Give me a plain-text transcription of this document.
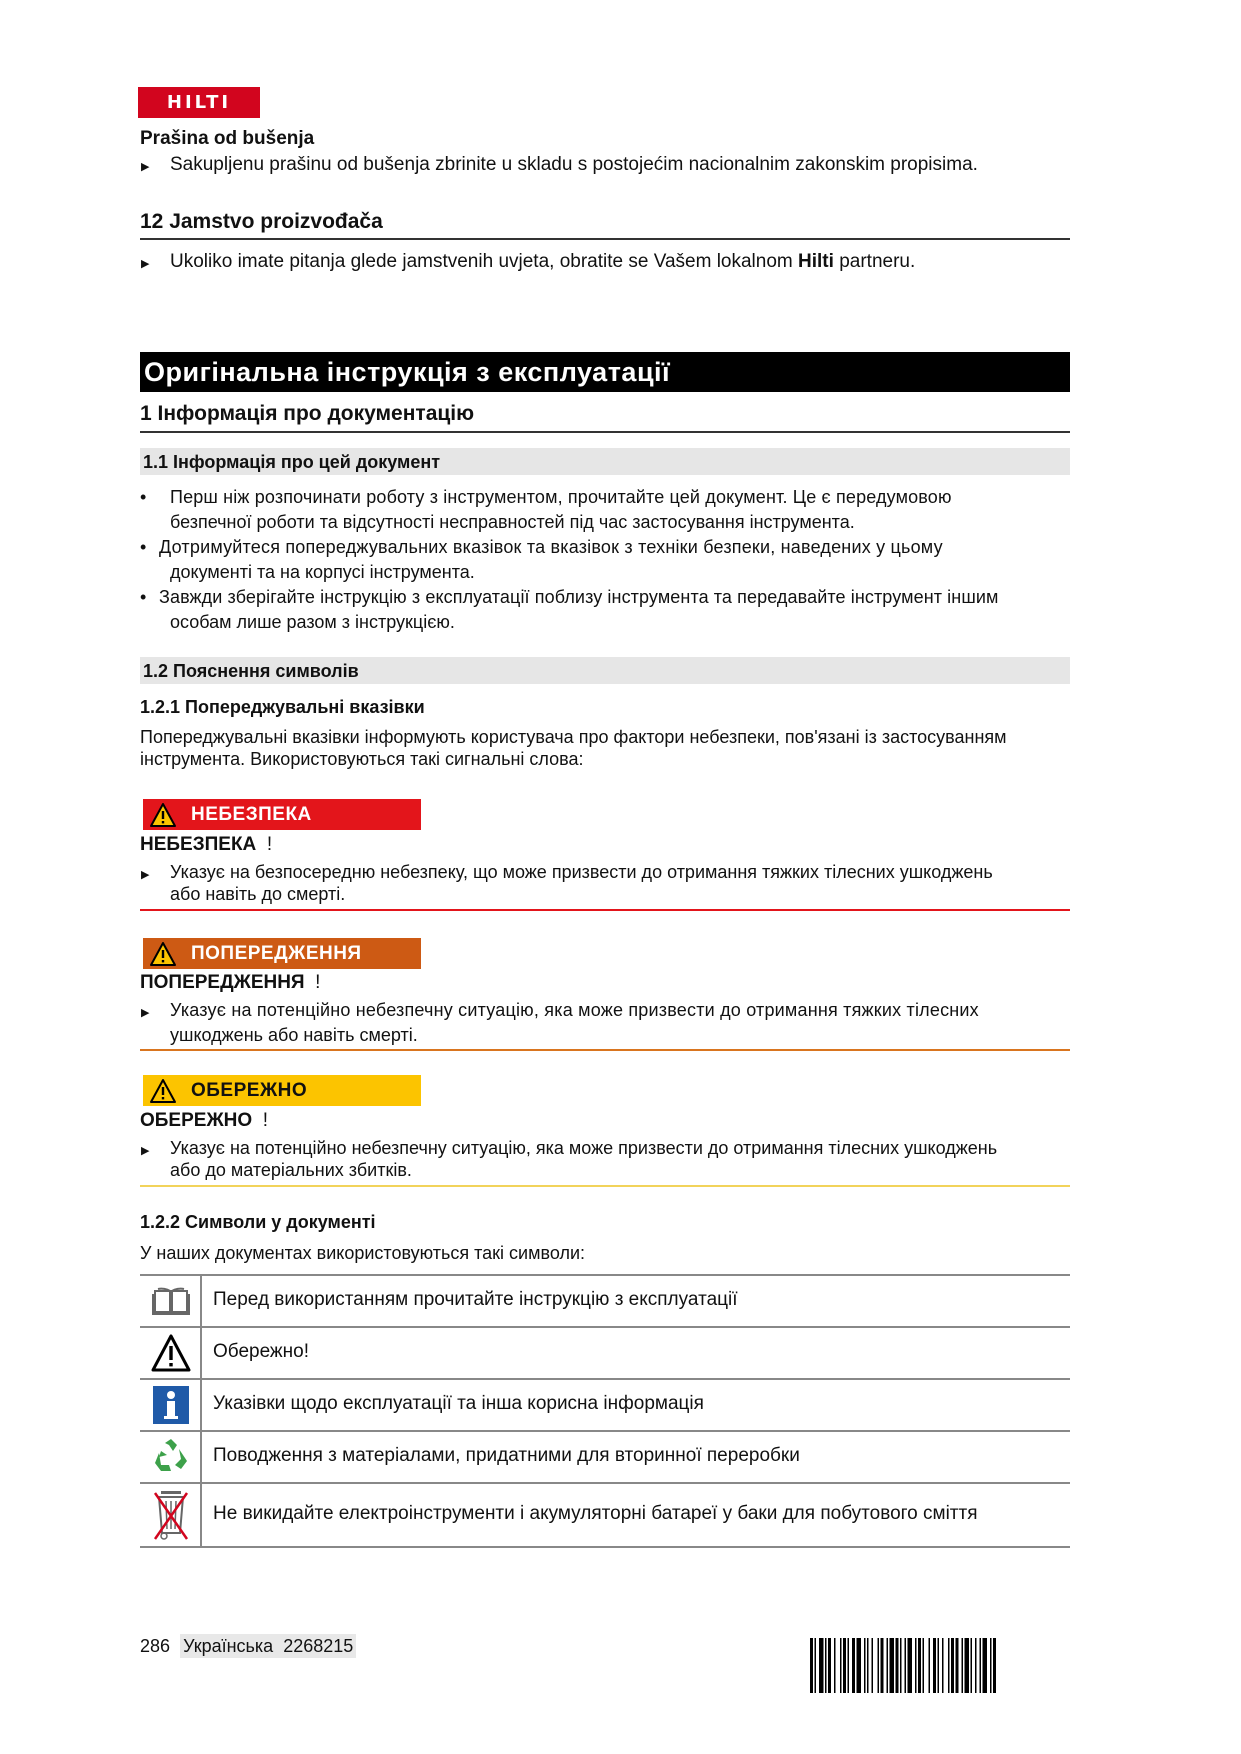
HILTI
Prašina od bušenja
▶ Sakupljenu prašinu od bušenja zbrinite u skladu s postojećim nacionalnim zakonskim propisima.
12 Jamstvo proizvođača
▶ Ukoliko imate pitanja glede jamstvenih uvjeta, obratite se Vašem lokalnom Hilti partneru.
Оригінальна інструкція з експлуатації
1 Інформація про документацію
1.1 Інформація про цей документ
• Перш ніж розпочинати роботу з інструментом, прочитайте цей документ. Це є передумовою
безпечної роботи та відсутності несправностей під час застосування інструмента.
• Дотримуйтеся попереджувальних вказівок та вказівок з техніки безпеки, наведених у цьому
документі та на корпусі інструмента.
• Завжди зберігайте інструкцію з експлуатації поблизу інструмента та передавайте інструмент іншим
особам лише разом з інструкцією.
1.2 Пояснення символів
1.2.1 Попереджувальні вказівки
Попереджувальні вказівки інформують користувача про фактори небезпеки, пов'язані із застосуванням
інструмента. Використовуються такі сигнальні слова:
НЕБЕЗПЕКА
НЕБЕЗПЕКА !
▶ Указує на безпосередню небезпеку, що може призвести до отримання тяжких тілесних ушкоджень
або навіть до смерті.
ПОПЕРЕДЖЕННЯ
ПОПЕРЕДЖЕННЯ !
▶ Указує на потенційно небезпечну ситуацію, яка може призвести до отримання тяжких тілесних
ушкоджень або навіть смерті.
ОБЕРЕЖНО
ОБЕРЕЖНО !
▶ Указує на потенційно небезпечну ситуацію, яка може призвести до отримання тілесних ушкоджень
або до матеріальних збитків.
1.2.2 Символи у документі
У наших документах використовуються такі символи:
Перед використанням прочитайте інструкцію з експлуатації
Обережно!
Указівки щодо експлуатації та інша корисна інформація
Поводження з матеріалами, придатними для вторинної переробки
Не викидайте електроінструменти і акумуляторні батареї у баки для побутового сміття
286 Українська 2268215
